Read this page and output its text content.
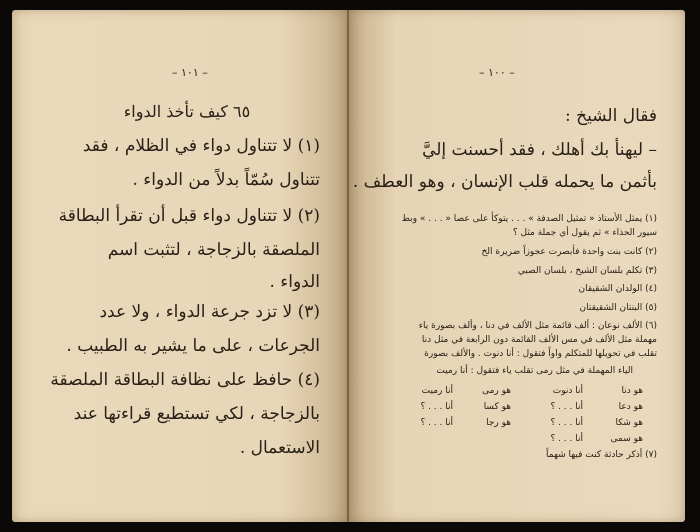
– ١٠١ –
٦٥ كيف تأخذ الدواء
(١) لا تتناول دواء في الظلام ، فقد
تتناول سُمّاً بدلاً من الدواء .
(٢) لا تتناول دواء قبل أن تقرأ البطاقة
الملصقة بالزجاجة ، لتثبت اسم
الدواء .
(٣) لا تزد جرعة الدواء ، ولا عدد
الجرعات ، على ما يشير به الطبيب .
(٤) حافظ على نظافة البطاقة الملصقة
بالزجاجة ، لكي تستطيع قراءتها عند
الاستعمال .
– ١٠٠ –
فقال الشيخ :
– ليهنأ بك أهلك ، فقد أحسنت إليَّ
بأثمن ما يحمله قلب الإنسان ، وهو العطف .
(١) يمثل الأستاذ « تمثيل الصدفة » . . . يتوكأ على عصا « . . . » وبط
سيور الحذاء » ثم يقول أي جملة مثل ؟
(٢) كانت بنت واحدة فأبصرت عجوزاً ضريرة الخ
(٣) تكلم بلسان الشيخ ، بلسان الصبي
(٤) الولدان الشقيقان
(٥) البنتان الشقيقتان
(٦) الألف نوعان : ألف قائمة مثل الألف في دنا ، وألف بصورة ياء
مهملة مثل الألف في مس الألف القائمة دون الرابعة في مثل دنا
تقلب في تحويلها للمتكلم واواً فتقول : أنا دنوت . والألف بصورة
الياء المهملة في مثل رمى تقلب ياء فتقول : أنا رميت
هو دنا
أنا دنوت
هو رمى
أنا رميت
هو دعا
أنا . . . ؟
هو كسا
أنا . . . ؟
هو شكا
أنا . . . ؟
هو رجا
أنا . . . ؟
هو سمى
أنا . . . ؟
(٧) أذكر حادثة كنت فيها شهماً
